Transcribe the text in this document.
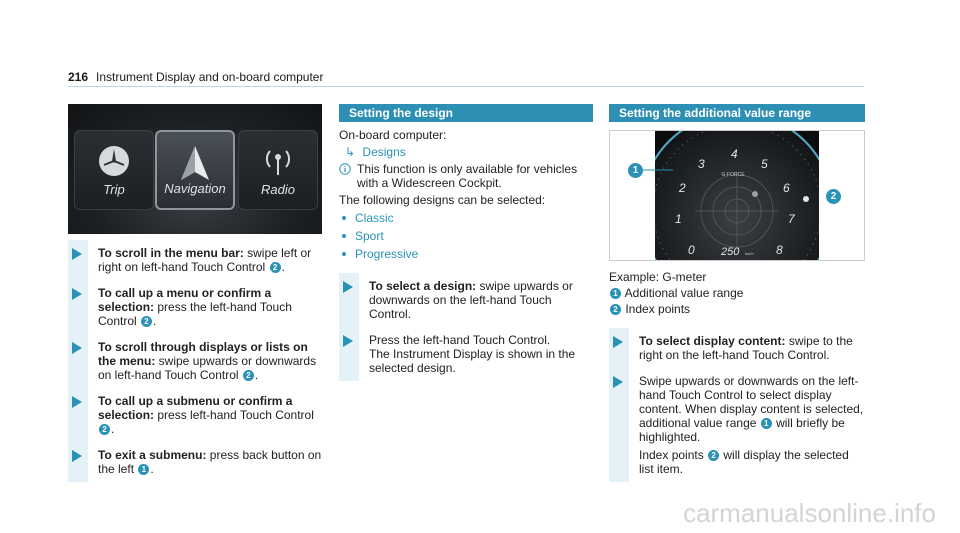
216 Instrument Display and on-board computer
Trip	Navigation	Radio
To scroll in the menu bar: swipe left or right on left-hand Touch Control 2 .
To call up a menu or confirm a selection: press the left-hand Touch Control 2 .
To scroll through displays or lists on the menu: swipe upwards or downwards on left-hand Touch Control 2 .
To call up a submenu or confirm a selection: press left-hand Touch Control 2 .
To exit a submenu: press back button on the left 1 .
Setting the design
On-board computer:
↳ Designs
This function is only available for vehicles with a Widescreen Cockpit.
The following designs can be selected:
Classic
Sport
Progressive
To select a design: swipe upwards or downwards on the left-hand Touch Control.
Press the left-hand Touch Control.
The Instrument Display is shown in the selected design.
Setting the additional value range
G-FORCE
0
1
2
3
4
5
6
7
8
250 km/h
1
2
Example: G-meter
1 Additional value range
2 Index points
To select display content: swipe to the right on the left-hand Touch Control.
Swipe upwards or downwards on the left-hand Touch Control to select display content. When display content is selected, additional value range 1 will briefly be highlighted.
Index points 2 will display the selected list item.
carmanualsonline.info
